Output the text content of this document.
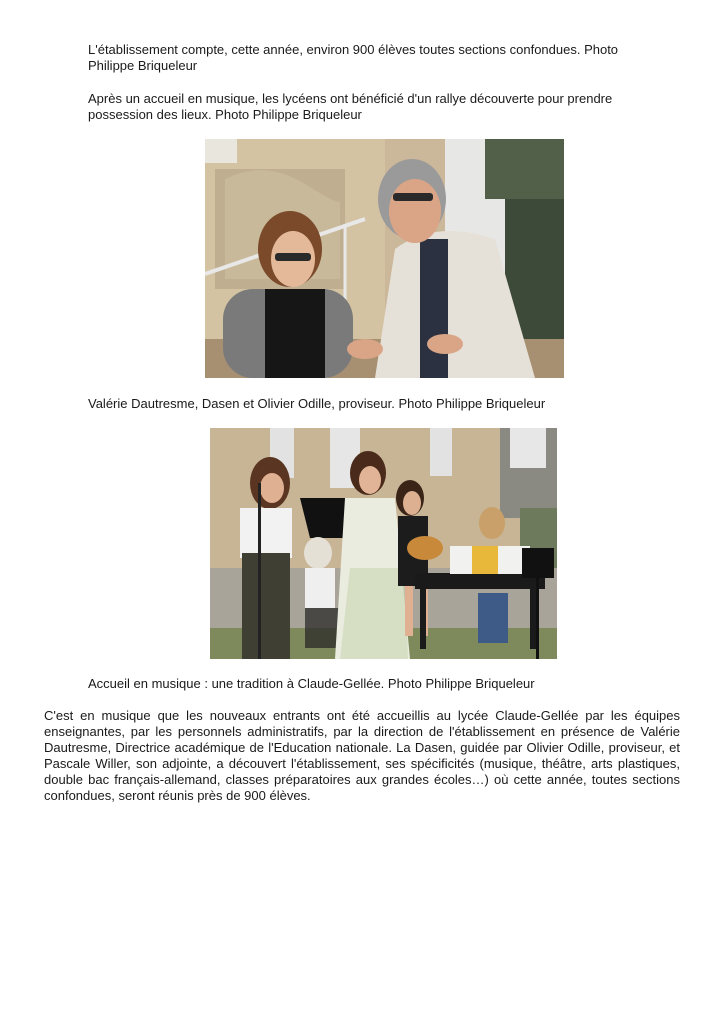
L'établissement compte, cette année, environ 900 élèves toutes sections confondues. Photo Philippe Briqueleur

Après un accueil en musique, les lycéens ont bénéficié d'un rallye découverte pour prendre possession des lieux. Photo Philippe Briqueleur

Valérie Dautresme, Dasen et Olivier Odille, proviseur. Photo Philippe Briqueleur

Accueil en musique : une tradition à Claude-Gellée. Photo Philippe Briqueleur

C'est en musique que les nouveaux entrants ont été accueillis au lycée Claude-Gellée par les équipes enseignantes, par les personnels administratifs, par la direction de l'établissement en présence de Valérie Dautresme, Directrice académique de l'Education nationale. La Dasen, guidée par Olivier Odille, proviseur, et Pascale Willer, son adjointe, a découvert l'établissement, ses spécificités (musique, théâtre, arts plastiques, double bac français-allemand, classes préparatoires aux grandes écoles…) où cette année, toutes sections confondues, seront réunis près de 900 élèves.
